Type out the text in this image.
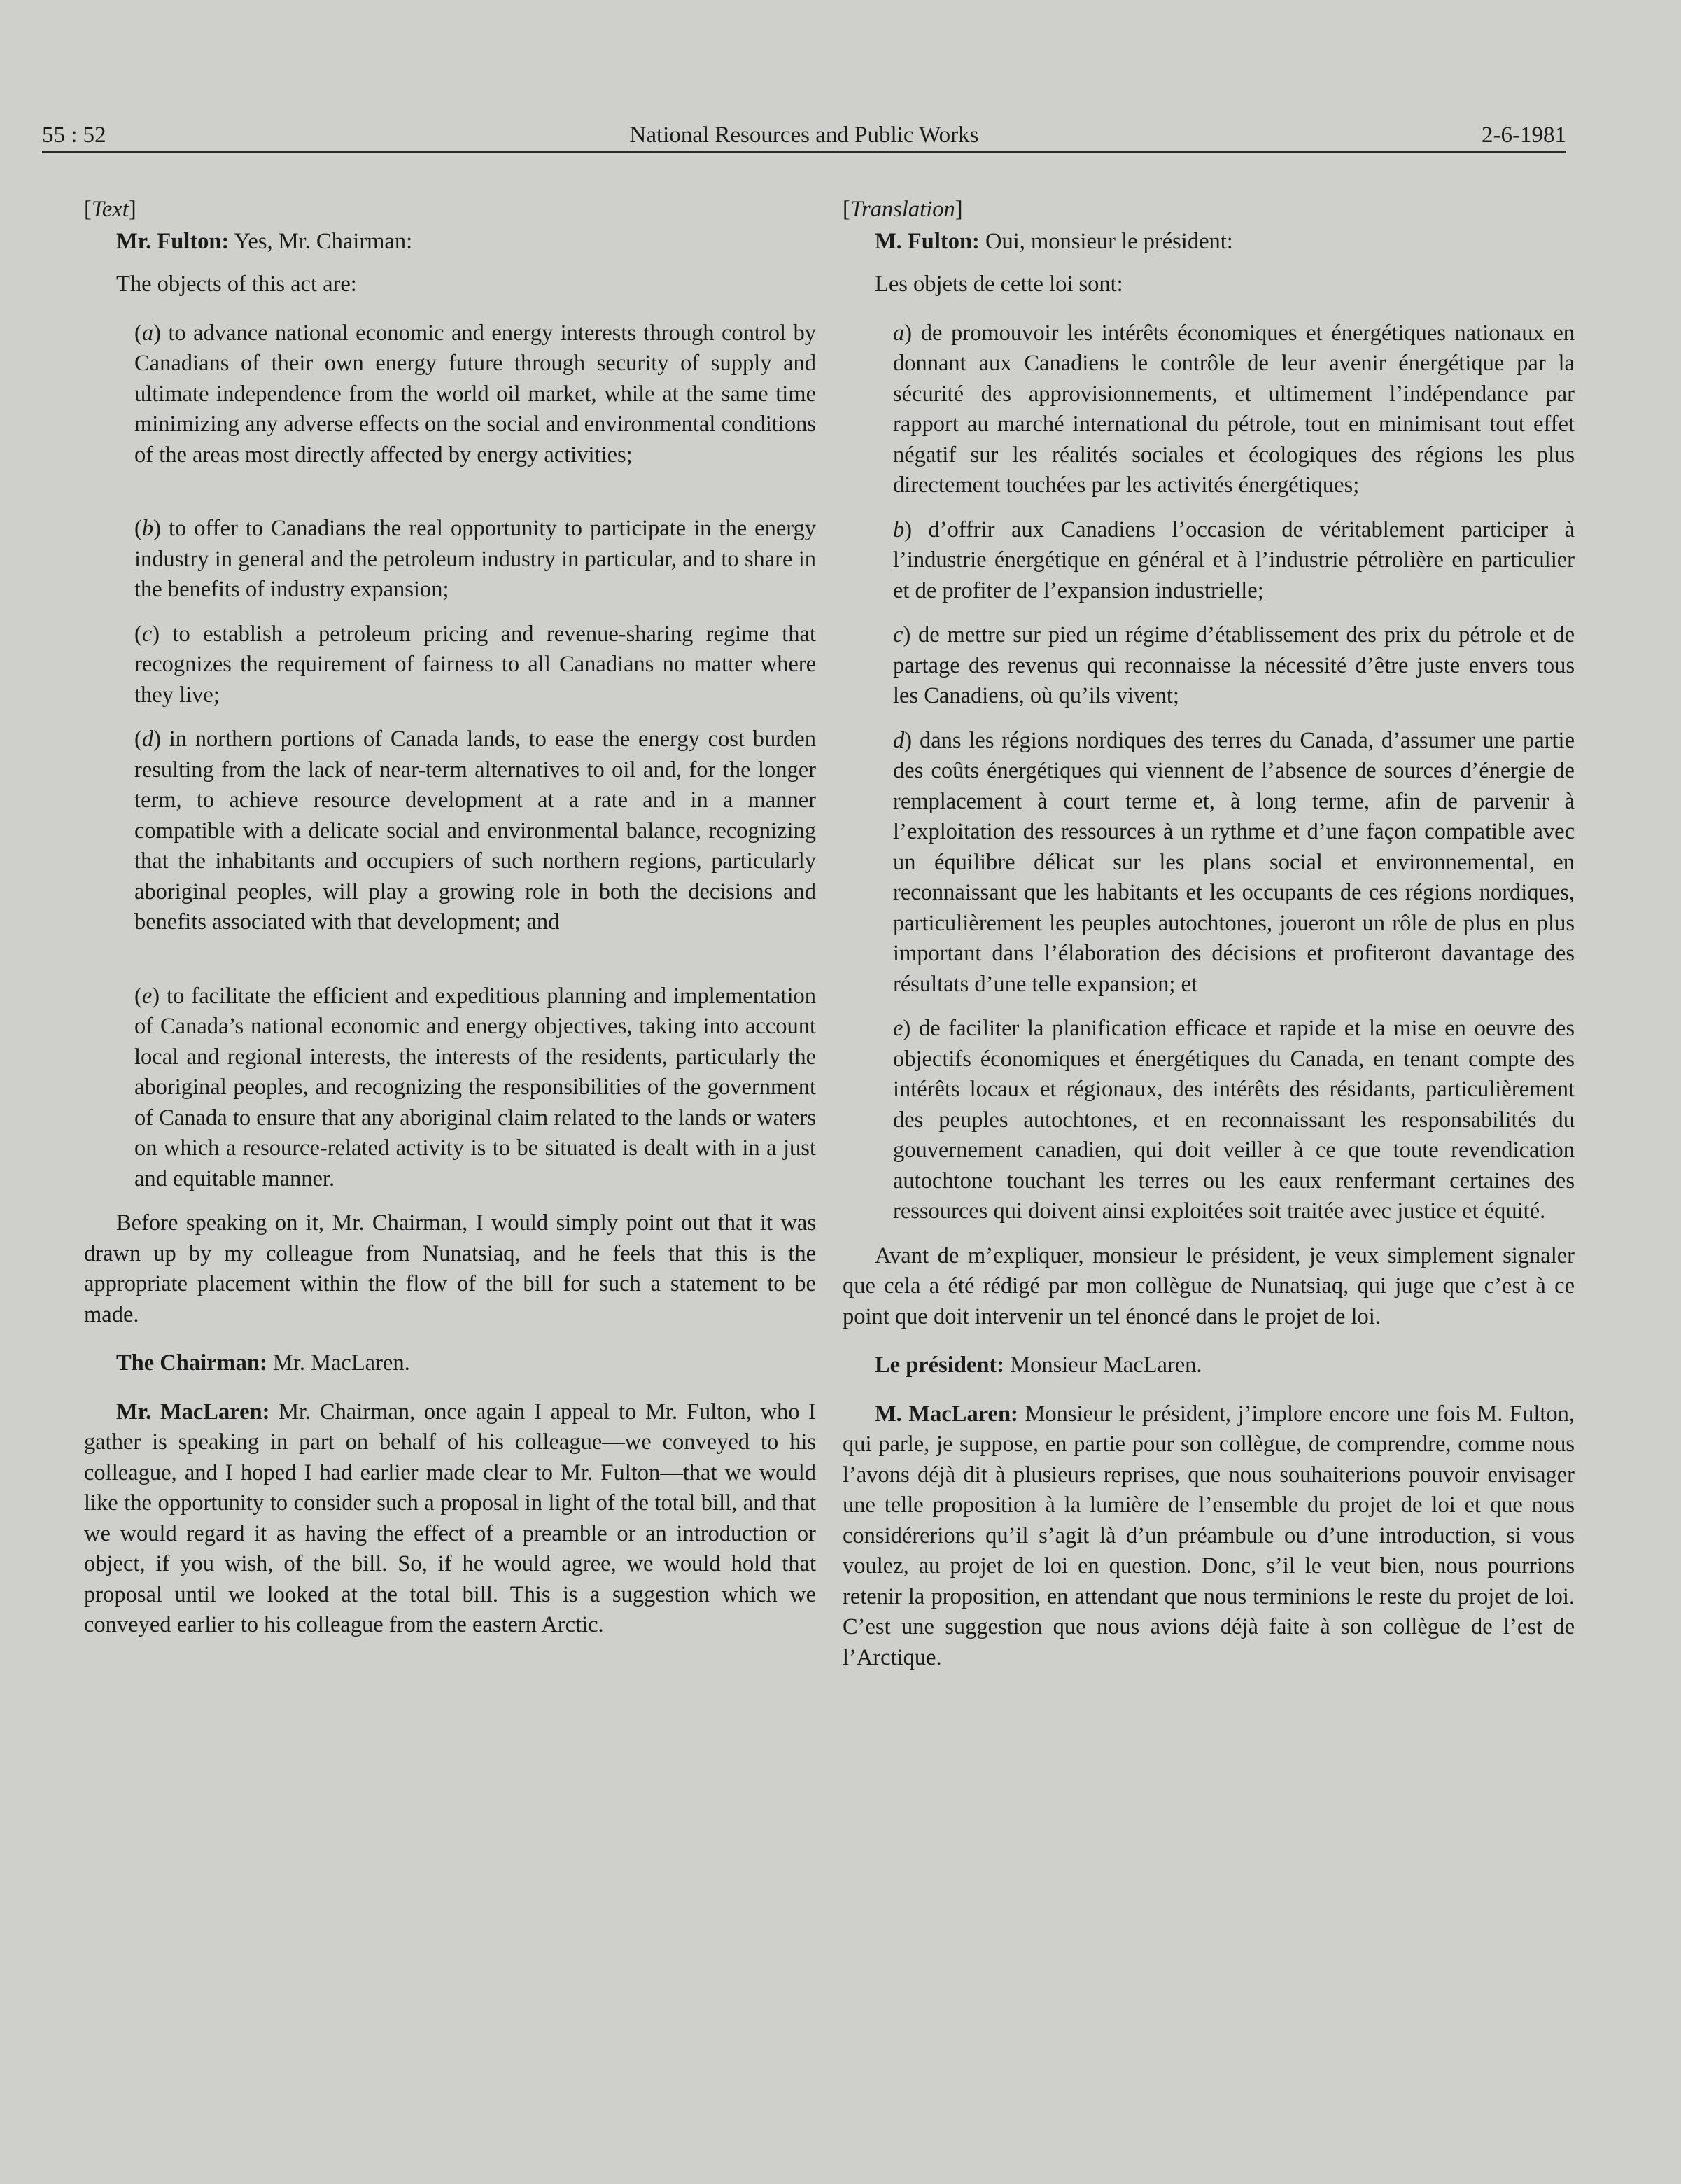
55 : 52	National Resources and Public Works	2-6-1981
[Text]
Mr. Fulton: Yes, Mr. Chairman:
The objects of this act are:
(a) to advance national economic and energy interests through control by Canadians of their own energy future through security of supply and ultimate independence from the world oil market, while at the same time minimizing any adverse effects on the social and environmental conditions of the areas most directly affected by energy activities;
(b) to offer to Canadians the real opportunity to participate in the energy industry in general and the petroleum industry in particular, and to share in the benefits of industry expansion;
(c) to establish a petroleum pricing and revenue-sharing regime that recognizes the requirement of fairness to all Canadians no matter where they live;
(d) in northern portions of Canada lands, to ease the energy cost burden resulting from the lack of near-term alternatives to oil and, for the longer term, to achieve resource development at a rate and in a manner compatible with a delicate social and environmental balance, recognizing that the inhabitants and occupiers of such northern regions, particularly aboriginal peoples, will play a growing role in both the decisions and benefits associated with that development; and
(e) to facilitate the efficient and expeditious planning and implementation of Canada’s national economic and energy objectives, taking into account local and regional interests, the interests of the residents, particularly the aboriginal peoples, and recognizing the responsibilities of the government of Canada to ensure that any aboriginal claim related to the lands or waters on which a resource-related activity is to be situated is dealt with in a just and equitable manner.

Before speaking on it, Mr. Chairman, I would simply point out that it was drawn up by my colleague from Nunatsiaq, and he feels that this is the appropriate placement within the flow of the bill for such a statement to be made.

The Chairman: Mr. MacLaren.

Mr. MacLaren: Mr. Chairman, once again I appeal to Mr. Fulton, who I gather is speaking in part on behalf of his colleague—we conveyed to his colleague, and I hoped I had earlier made clear to Mr. Fulton—that we would like the opportunity to consider such a proposal in light of the total bill, and that we would regard it as having the effect of a preamble or an introduction or object, if you wish, of the bill. So, if he would agree, we would hold that proposal until we looked at the total bill. This is a suggestion which we conveyed earlier to his colleague from the eastern Arctic.

[Translation]
M. Fulton: Oui, monsieur le président:
Les objets de cette loi sont:
a) de promouvoir les intérêts économiques et énergétiques nationaux en donnant aux Canadiens le contrôle de leur avenir énergétique par la sécurité des approvisionnements, et ultimement l’indépendance par rapport au marché international du pétrole, tout en minimisant tout effet négatif sur les réalités sociales et écologiques des régions les plus directement touchées par les activités énergétiques;
b) d’offrir aux Canadiens l’occasion de véritablement participer à l’industrie énergétique en général et à l’industrie pétrolière en particulier et de profiter de l’expansion industrielle;
c) de mettre sur pied un régime d’établissement des prix du pétrole et de partage des revenus qui reconnaisse la nécessité d’être juste envers tous les Canadiens, où qu’ils vivent;
d) dans les régions nordiques des terres du Canada, d’assumer une partie des coûts énergétiques qui viennent de l’absence de sources d’énergie de remplacement à court terme et, à long terme, afin de parvenir à l’exploitation des ressources à un rythme et d’une façon compatible avec un équilibre délicat sur les plans social et environnemental, en reconnaissant que les habitants et les occupants de ces régions nordiques, particulièrement les peuples autochtones, joueront un rôle de plus en plus important dans l’élaboration des décisions et profiteront davantage des résultats d’une telle expansion; et
e) de faciliter la planification efficace et rapide et la mise en oeuvre des objectifs économiques et énergétiques du Canada, en tenant compte des intérêts locaux et régionaux, des intérêts des résidants, particulièrement des peuples autochtones, et en reconnaissant les responsabilités du gouvernement canadien, qui doit veiller à ce que toute revendication autochtone touchant les terres ou les eaux renfermant certaines des ressources qui doivent ainsi exploitées soit traitée avec justice et équité.

Avant de m’expliquer, monsieur le président, je veux simplement signaler que cela a été rédigé par mon collègue de Nunatsiaq, qui juge que c’est à ce point que doit intervenir un tel énoncé dans le projet de loi.

Le président: Monsieur MacLaren.

M. MacLaren: Monsieur le président, j’implore encore une fois M. Fulton, qui parle, je suppose, en partie pour son collègue, de comprendre, comme nous l’avons déjà dit à plusieurs reprises, que nous souhaiterions pouvoir envisager une telle proposition à la lumière de l’ensemble du projet de loi et que nous considérerions qu’il s’agit là d’un préambule ou d’une introduction, si vous voulez, au projet de loi en question. Donc, s’il le veut bien, nous pourrions retenir la proposition, en attendant que nous terminions le reste du projet de loi. C’est une suggestion que nous avions déjà faite à son collègue de l’est de l’Arctique.
